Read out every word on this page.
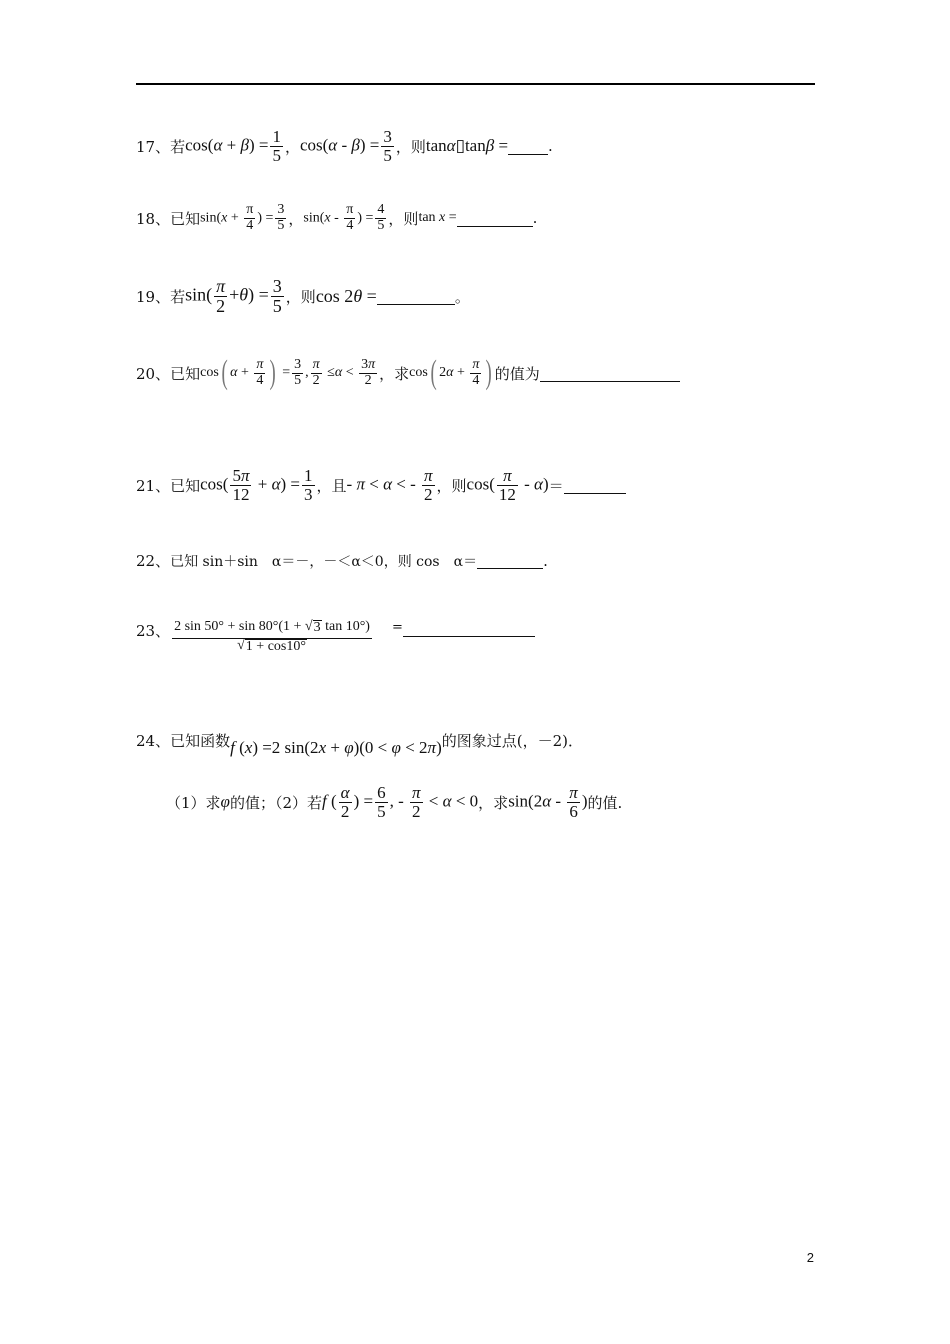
17、 若 $\cos(\alpha + \beta) = \frac{1}{5}$ ， $\cos(\alpha - \beta) = \frac{3}{5}$ ，则 tanα▯tanβ =	.
18、 已知 $\sin(x + \frac{\pi}{4}$ ) = $\frac{3}{5}$ ， $\sin(x - \frac{\pi}{4}$ ) = $\frac{4}{5}$ ，则 tan x =	.
19、 若 $\sin( \frac{\pi}{2} +\theta) = \frac{3}{5}$ ，则 cos 2θ =	。
20、 已知 cos( $\alpha + \frac{\pi}{4}$ ) = $\frac{3}{5}$ , $\frac{\pi}{2} \le\alpha < \frac{3\pi}{2}$ ，求 cos( $2\alpha + \frac{\pi}{4}$ ) 的值为
21、 已知 $\cos( \frac{5\pi}{12} + \alpha) = \frac{1}{3}$ ，且 - π < α < - $\frac{\pi}{2}$ ，则 $\cos( \frac{\pi}{12} - \alpha)$ ＝
22、 已知 sin＋sin　α＝－，－＜α＜0，则 cos　α＝	.
23、 $\frac{2 \sin 50^\circ + \sin 80^\circ(1 + √ 3 \tan 10^\circ)}{√ 1 + \cos 10^\circ}$ =
24、 已知函数 f (x) =2 sin(2x + φ)(0 < φ < 2π) 的图象过点(，－2)．
（1）求 φ 的值；（2）若 f ( $\frac{\alpha}{2}$ ) = $\frac{6}{5}$ , - $\frac{\pi}{2} < \alpha < 0$ ，求 $\sin(2\alpha - \frac{\pi}{6}$ ) 的值.
2
